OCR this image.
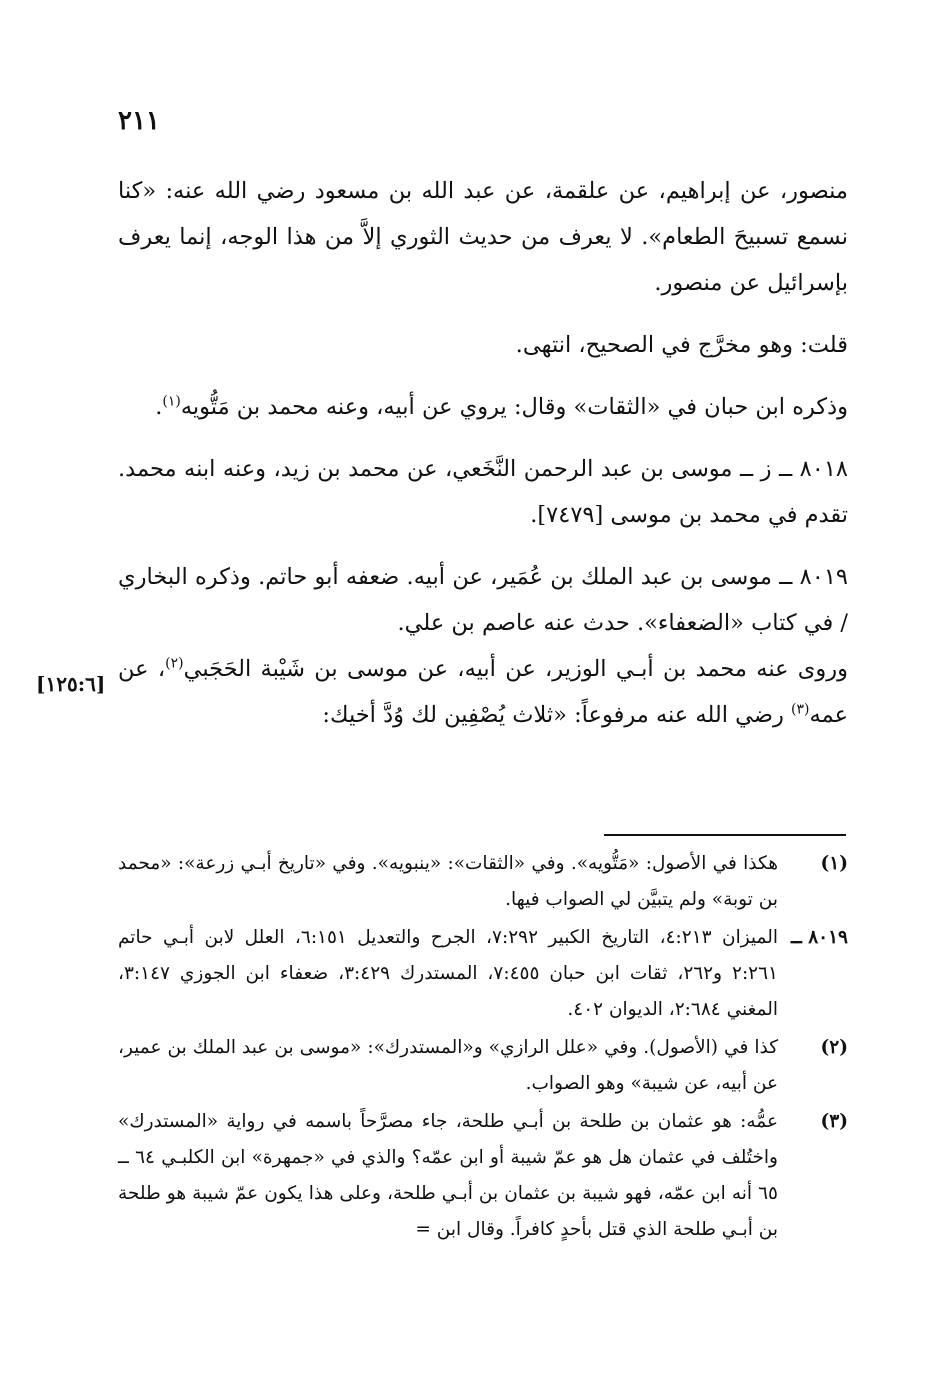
٢١١

منصور، عن إبراهيم، عن علقمة، عن عبد الله بن مسعود رضي الله عنه: «كنا نسمع تسبيحَ الطعام». لا يعرف من حديث الثوري إلاَّ من هذا الوجه، إنما يعرف بإسرائيل عن منصور.

قلت: وهو مخرَّج في الصحيح، انتهى.

وذكره ابن حبان في «الثقات» وقال: يروي عن أبيه، وعنه محمد بن مَتُّويه$^{(١)}$.

٨٠١٨ ــ ز ــ موسى بن عبد الرحمن النَّخَعي، عن محمد بن زيد، وعنه ابنه محمد. تقدم في محمد بن موسى [٧٤٧٩].

٨٠١٩ ــ موسى بن عبد الملك بن عُمَير، عن أبيه. ضعفه أبو حاتم. وذكره البخاري / في كتاب «الضعفاء». حدث عنه عاصم بن علي.

وروى عنه محمد بن أبـي الوزير، عن أبيه، عن موسى بن شَيْبة الحَجَبي$^{(٢)}$، عن عمه$^{(٣)}$ رضي الله عنه مرفوعاً: «ثلاث يُصْفِين لك وُدَّ أخيك:

[١٢٥:٦]
(١)
هكذا في الأصول: «مَتُّويه». وفي «الثقات»: «ينبويه». وفي «تاريخ أبـي زرعة»: «محمد بن توبة» ولم يتبيَّن لي الصواب فيها.
٨٠١٩ ــ
الميزان ٤:٢١٣، التاريخ الكبير ٧:٢٩٢، الجرح والتعديل ٦:١٥١، العلل لابن أبـي حاتم ٢:٢٦١ و٢٦٢، ثقات ابن حبان ٧:٤٥٥، المستدرك ٣:٤٢٩، ضعفاء ابن الجوزي ٣:١٤٧، المغني ٢:٦٨٤، الديوان ٤٠٢.
(٢)
كذا في (الأصول). وفي «علل الرازي» و«المستدرك»: «موسى بن عبد الملك بن عمير، عن أبيه، عن شيبة» وهو الصواب.
(٣)
عمُّه: هو عثمان بن طلحة بن أبـي طلحة، جاء مصرَّحاً باسمه في رواية «المستدرك» واختُلف في عثمان هل هو عمّ شيبة أو ابن عمّه؟ والذي في «جمهرة» ابن الكلبـي ٦٤ ــ ٦٥ أنه ابن عمّه، فهو شيبة بن عثمان بن أبـي طلحة، وعلى هذا يكون عمّ شيبة هو طلحة بن أبـي طلحة الذي قتل بأحدٍ كافراً. وقال ابن =
